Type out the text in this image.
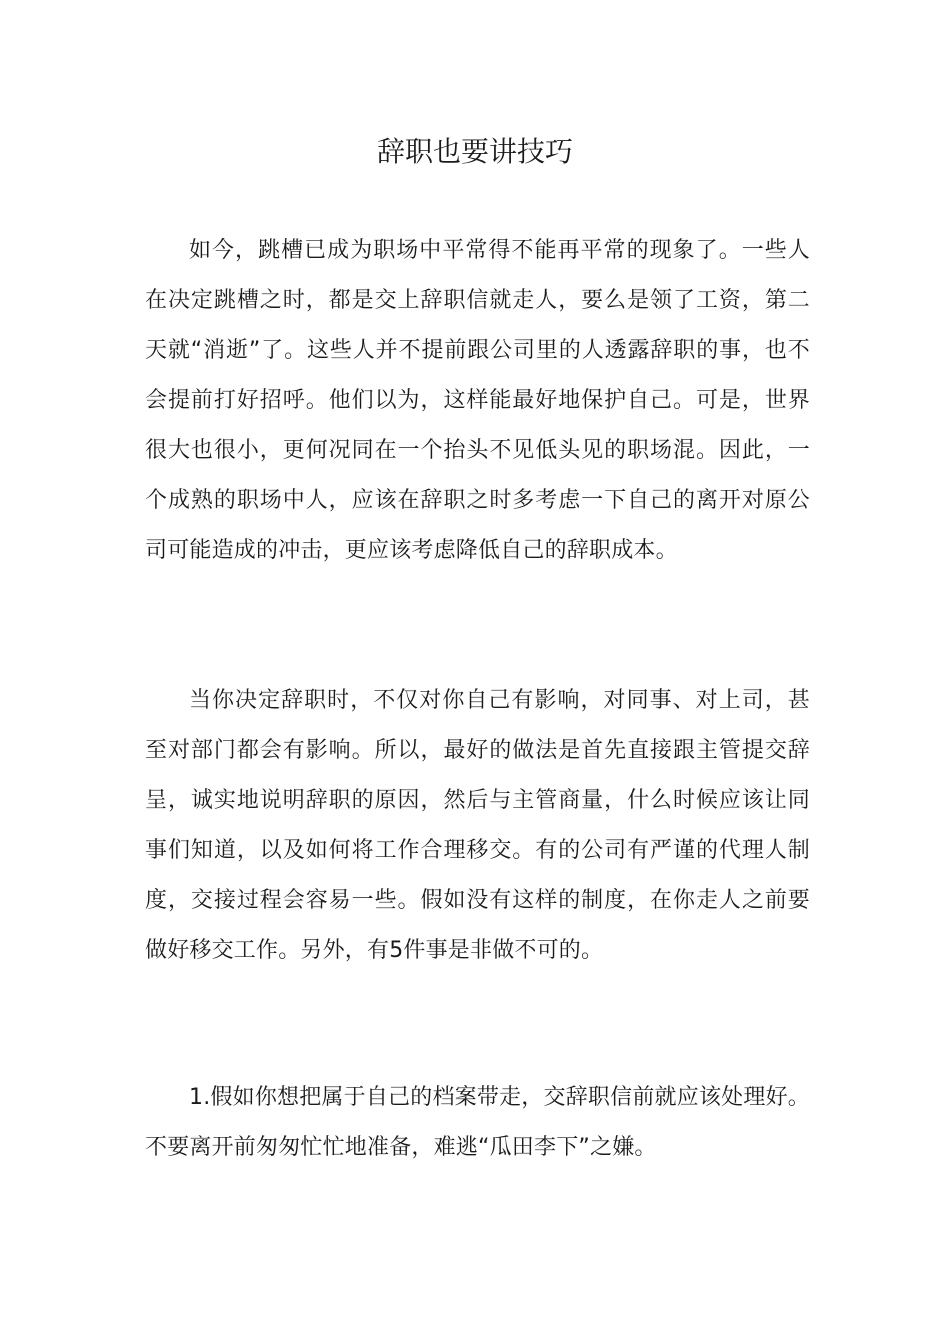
辞职也要讲技巧

如今，跳槽已成为职场中平常得不能再平常的现象了。一些人在决定跳槽之时，都是交上辞职信就走人，要么是领了工资，第二天就“消逝”了。这些人并不提前跟公司里的人透露辞职的事，也不会提前打好招呼。他们以为，这样能最好地保护自己。可是，世界很大也很小，更何况同在一个抬头不见低头见的职场混。因此，一个成熟的职场中人，应该在辞职之时多考虑一下自己的离开对原公司可能造成的冲击，更应该考虑降低自己的辞职成本。

当你决定辞职时，不仅对你自己有影响，对同事、对上司，甚至对部门都会有影响。所以，最好的做法是首先直接跟主管提交辞呈，诚实地说明辞职的原因，然后与主管商量，什么时候应该让同事们知道，以及如何将工作合理移交。有的公司有严谨的代理人制度，交接过程会容易一些。假如没有这样的制度，在你走人之前要做好移交工作。另外，有5件事是非做不可的。

1.假如你想把属于自己的档案带走，交辞职信前就应该处理好。不要离开前匆匆忙忙地准备，难逃“瓜田李下”之嫌。
